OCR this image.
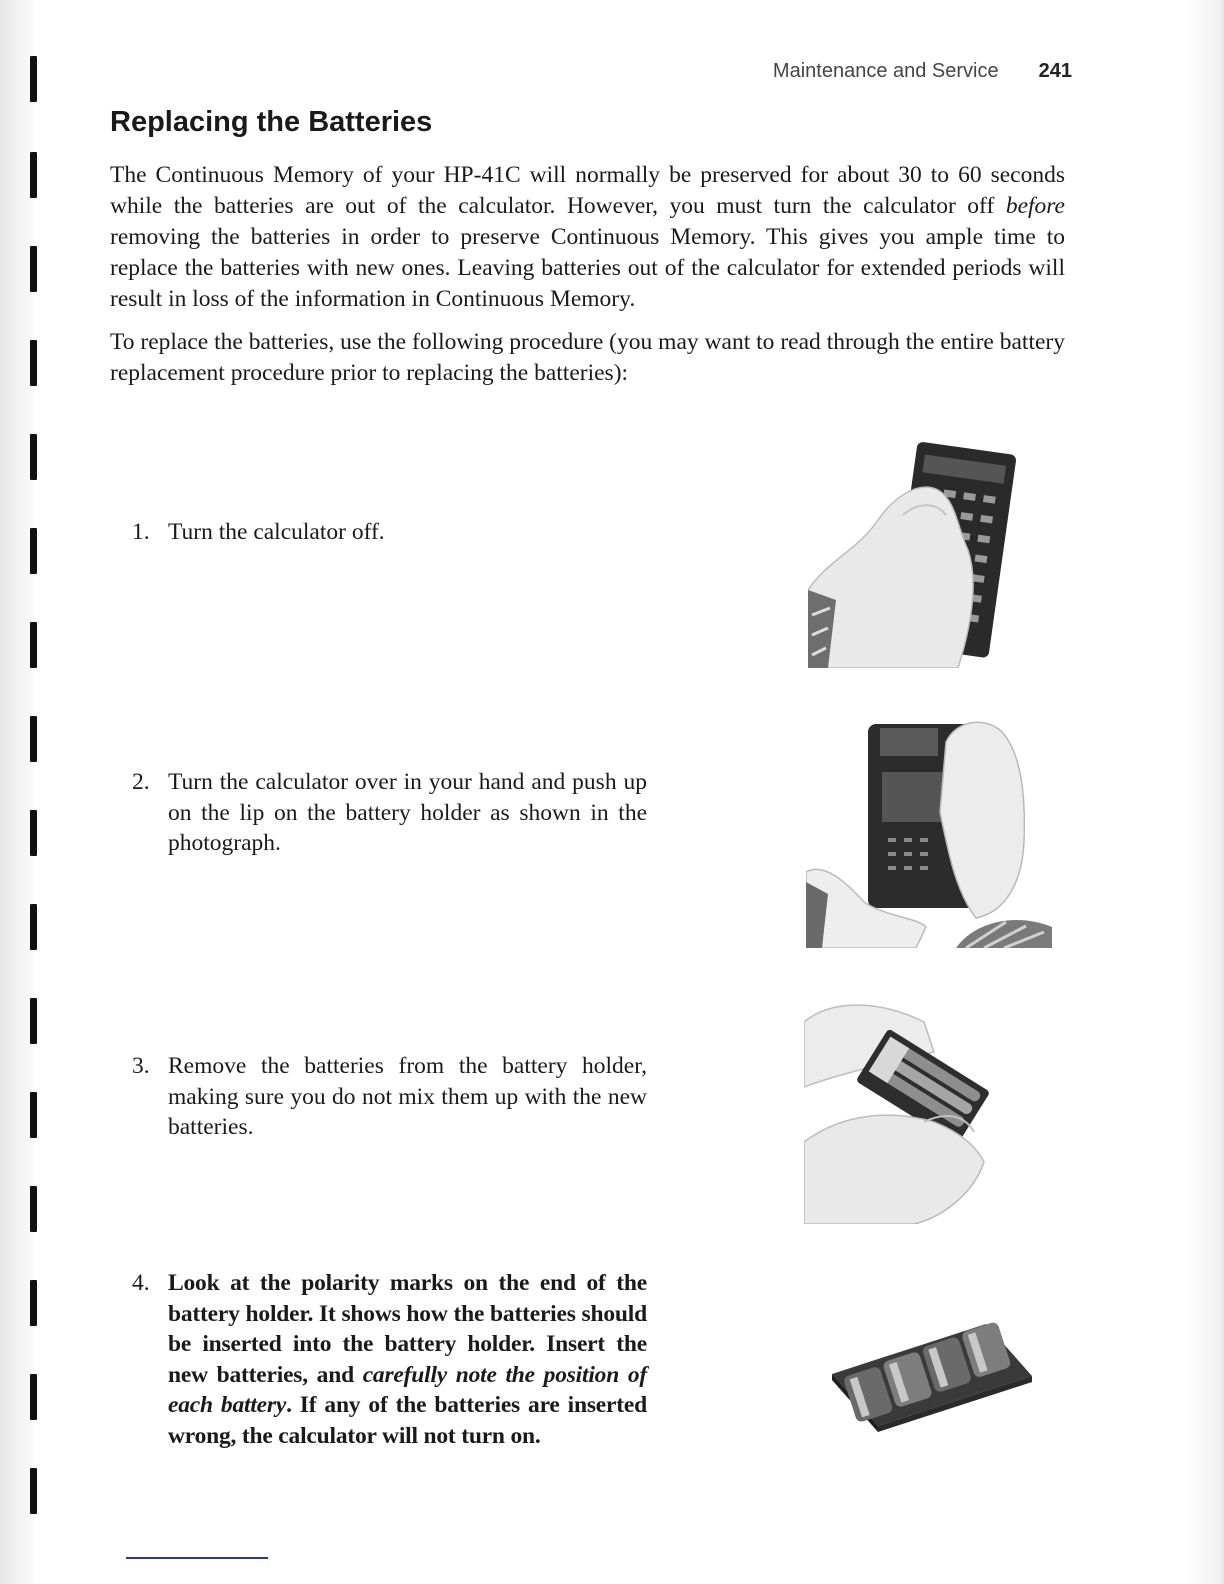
Maintenance and Service 241
Replacing the Batteries

The Continuous Memory of your HP-41C will normally be preserved for about 30 to 60 seconds while the batteries are out of the calculator. However, you must turn the calculator off before removing the batteries in order to preserve Continuous Memory. This gives you ample time to replace the batteries with new ones. Leaving batteries out of the calculator for extended periods will result in loss of the information in Continuous Memory.

To replace the batteries, use the following procedure (you may want to read through the entire battery replacement procedure prior to replacing the batteries):

1. Turn the calculator off.
2. Turn the calculator over in your hand and push up on the lip on the battery holder as shown in the photograph.
3. Remove the batteries from the battery holder, making sure you do not mix them up with the new batteries.
4. Look at the polarity marks on the end of the battery holder. It shows how the batteries should be inserted into the battery holder. Insert the new batteries, and carefully note the position of each battery. If any of the batteries are inserted wrong, the calculator will not turn on.
